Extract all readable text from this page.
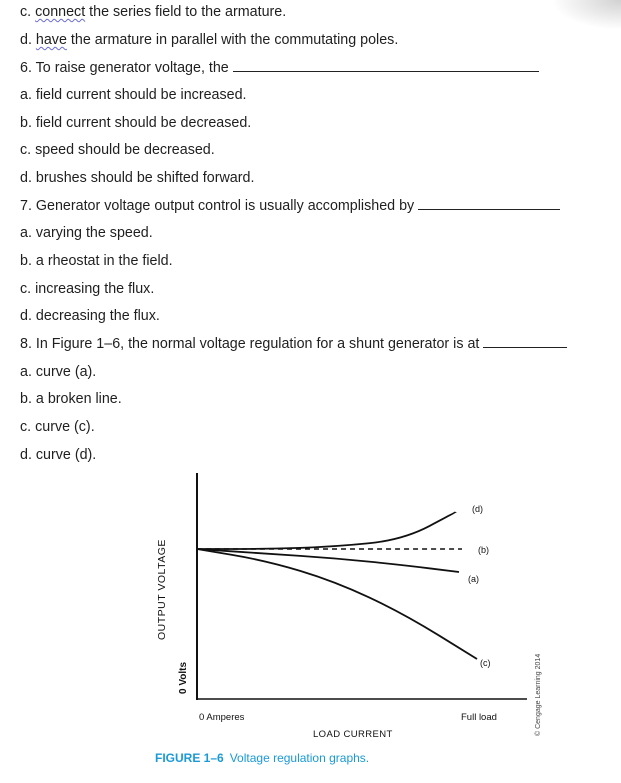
c. connect the series field to the armature.
d. have the armature in parallel with the commutating poles.
6. To raise generator voltage, the
a. field current should be increased.
b. field current should be decreased.
c. speed should be decreased.
d. brushes should be shifted forward.
7. Generator voltage output control is usually accomplished by
a. varying the speed.
b. a rheostat in the field.
c. increasing the flux.
d. decreasing the flux.
8. In Figure 1–6, the normal voltage regulation for a shunt generator is at
a. curve (a).
b. a broken line.
c. curve (c).
d. curve (d).
(d)
(b)
(a)
(c)
OUTPUT VOLTAGE
0 Volts
0 Amperes	Full load
LOAD CURRENT	© Cengage Learning 2014
FIGURE 1–6 Voltage regulation graphs.
